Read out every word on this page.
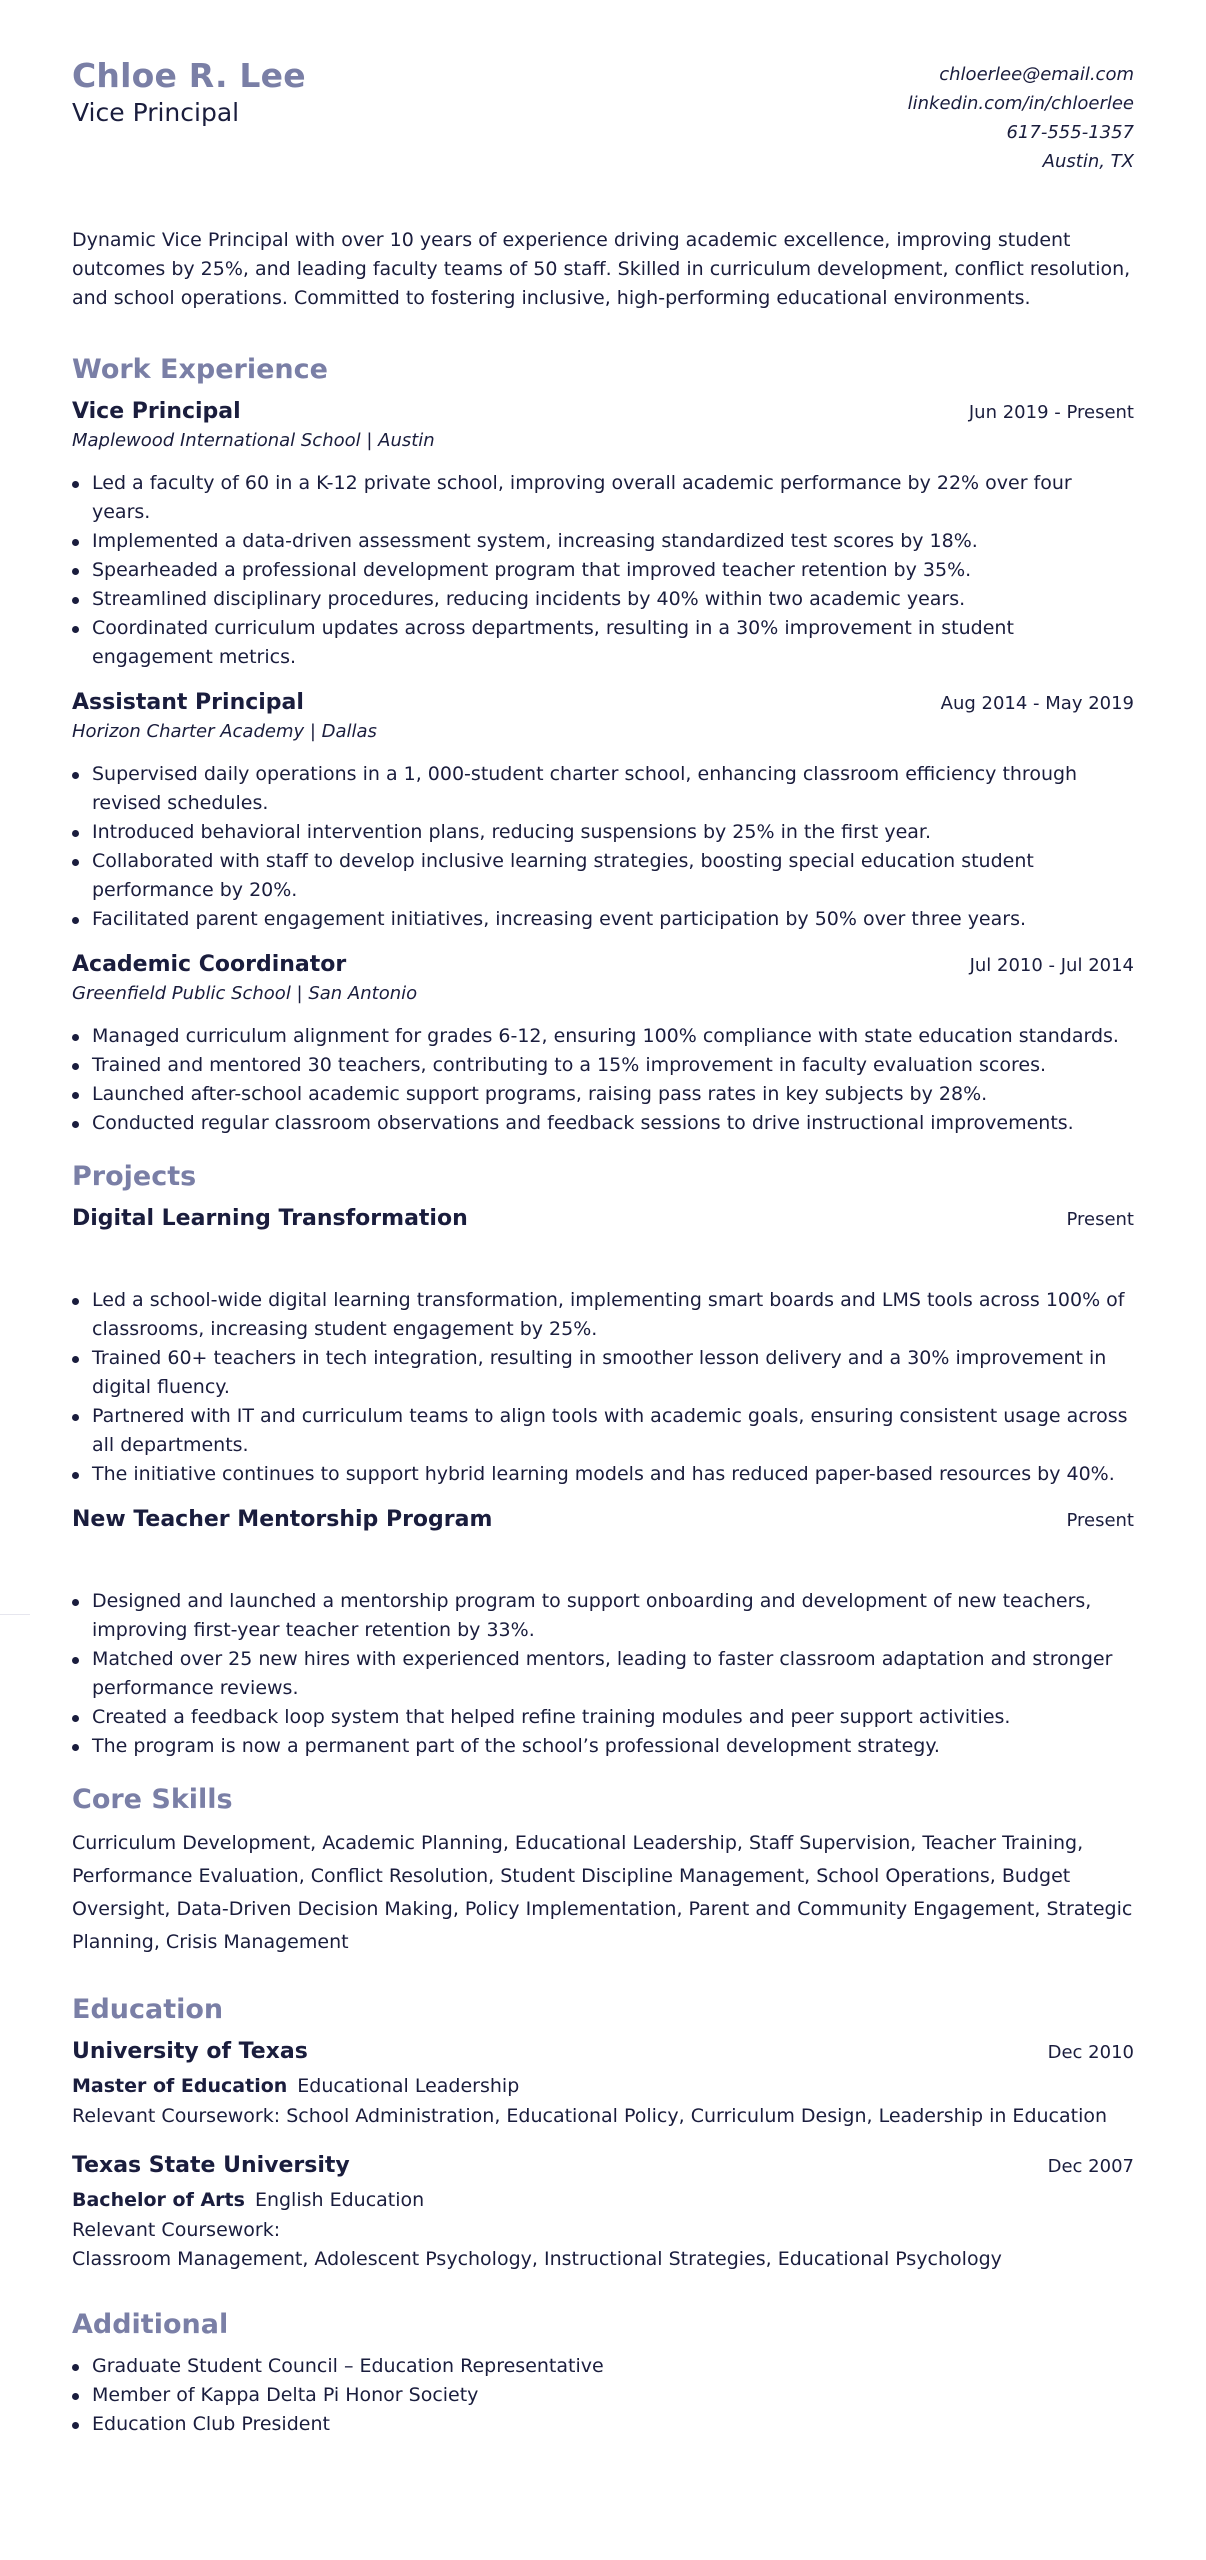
Chloe R. Lee
Vice Principal
chloerlee@email.com
linkedin.com/in/chloerlee
617-555-1357
Austin, TX

Dynamic Vice Principal with over 10 years of experience driving academic excellence, improving student outcomes by 25%, and leading faculty teams of 50 staff. Skilled in curriculum development, conflict resolution, and school operations. Committed to fostering inclusive, high-performing educational environments.

Work Experience
Vice Principal	Jun 2019 - Present
Maplewood International School | Austin
Led a faculty of 60 in a K-12 private school, improving overall academic performance by 22% over four years.
Implemented a data-driven assessment system, increasing standardized test scores by 18%.
Spearheaded a professional development program that improved teacher retention by 35%.
Streamlined disciplinary procedures, reducing incidents by 40% within two academic years.
Coordinated curriculum updates across departments, resulting in a 30% improvement in student engagement metrics.
Assistant Principal	Aug 2014 - May 2019
Horizon Charter Academy | Dallas
Supervised daily operations in a 1, 000-student charter school, enhancing classroom efficiency through revised schedules.
Introduced behavioral intervention plans, reducing suspensions by 25% in the first year.
Collaborated with staff to develop inclusive learning strategies, boosting special education student performance by 20%.
Facilitated parent engagement initiatives, increasing event participation by 50% over three years.
Academic Coordinator	Jul 2010 - Jul 2014
Greenfield Public School | San Antonio
Managed curriculum alignment for grades 6-12, ensuring 100% compliance with state education standards.
Trained and mentored 30 teachers, contributing to a 15% improvement in faculty evaluation scores.
Launched after-school academic support programs, raising pass rates in key subjects by 28%.
Conducted regular classroom observations and feedback sessions to drive instructional improvements.
Projects
Digital Learning Transformation	Present
Led a school-wide digital learning transformation, implementing smart boards and LMS tools across 100% of classrooms, increasing student engagement by 25%.
Trained 60+ teachers in tech integration, resulting in smoother lesson delivery and a 30% improvement in digital fluency.
Partnered with IT and curriculum teams to align tools with academic goals, ensuring consistent usage across all departments.
The initiative continues to support hybrid learning models and has reduced paper-based resources by 40%.
New Teacher Mentorship Program	Present
Designed and launched a mentorship program to support onboarding and development of new teachers, improving first-year teacher retention by 33%.
Matched over 25 new hires with experienced mentors, leading to faster classroom adaptation and stronger performance reviews.
Created a feedback loop system that helped refine training modules and peer support activities.
The program is now a permanent part of the school’s professional development strategy.
Core Skills

Curriculum Development, Academic Planning, Educational Leadership, Staff Supervision, Teacher Training, Performance Evaluation, Conflict Resolution, Student Discipline Management, School Operations, Budget Oversight, Data-Driven Decision Making, Policy Implementation, Parent and Community Engagement, Strategic Planning, Crisis Management

Education
University of Texas	Dec 2010
Master of Education Educational Leadership
Relevant Coursework: School Administration, Educational Policy, Curriculum Design, Leadership in Education
Texas State University	Dec 2007
Bachelor of Arts English Education
Relevant Coursework:
Classroom Management, Adolescent Psychology, Instructional Strategies, Educational Psychology
Additional
Graduate Student Council – Education Representative
Member of Kappa Delta Pi Honor Society
Education Club President
